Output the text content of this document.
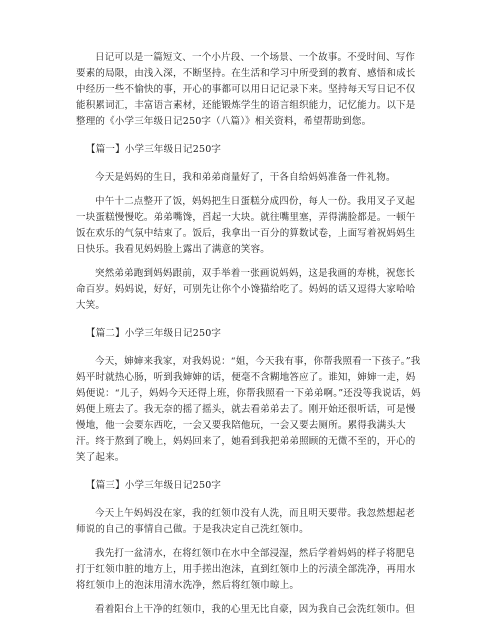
日记可以是一篇短文、一个小片段、一个场景、一个故事。不受时间、写作要素的局限，由浅入深，不断坚持。在生活和学习中所受到的教育、感悟和成长中经历一些不愉快的事，开心的事都可以用日记记录下来。坚持每天写日记不仅能积累词汇，丰富语言素材，还能锻炼学生的语言组织能力，记忆能力。以下是整理的《小学三年级日记250字（八篇）》相关资料，希望帮助到您。

【篇一】小学三年级日记250字

今天是妈妈的生日，我和弟弟商量好了，干各自给妈妈准备一件礼物。

中午十二点整开了饭，妈妈把生日蛋糕分成四份，每人一份。我用叉子叉起一块蛋糕慢慢吃。弟弟嘴馋，舀起一大块。就往嘴里塞，弄得满脸都是。一顿午饭在欢乐的气氛中结束了。饭后，我拿出一百分的算数试卷，上面写着祝妈妈生日快乐。我看见妈妈脸上露出了满意的笑容。

突然弟弟跑到妈妈跟前，双手举着一张画说妈妈，这是我画的寿桃，祝您长命百岁。妈妈说，好好，可别先让你个小馋猫给吃了。妈妈的话又逗得大家哈哈大笑。

【篇二】小学三年级日记250字

今天，婶婶来我家，对我妈说：“姐，今天我有事，你帮我照看一下孩子。”我妈平时就热心肠，听到我婶婶的话，便毫不含糊地答应了。谁知，婶婶一走，妈妈便说：“儿子，妈妈今天还得上班，你帮我照看一下弟弟啊。”还没等我说话，妈妈便上班去了。我无奈的摇了摇头，就去看弟弟去了。刚开始还很听话，可是慢慢地，他一会要东西吃，一会又要我陪他玩，一会又要去厕所。累得我满头大汗。终于熬到了晚上，妈妈回来了，她看到我把弟弟照顾的无微不至的，开心的笑了起来。

【篇三】小学三年级日记250字

今天上午妈妈没在家，我的红领巾没有人洗，而且明天要带。我忽然想起老师说的自己的事情自己做。于是我决定自己洗红领巾。

我先打一盆清水，在将红领巾在水中全部浸湿，然后学着妈妈的样子将肥皂打于红领巾脏的地方上，用手搓出泡沫，直到红领巾上的污渍全部洗净，再用水将红领巾上的泡沫用清水洗净，然后将红领巾晾上。

看着阳台上干净的红领巾，我的心里无比自豪，因为我自己会洗红领巾。但
